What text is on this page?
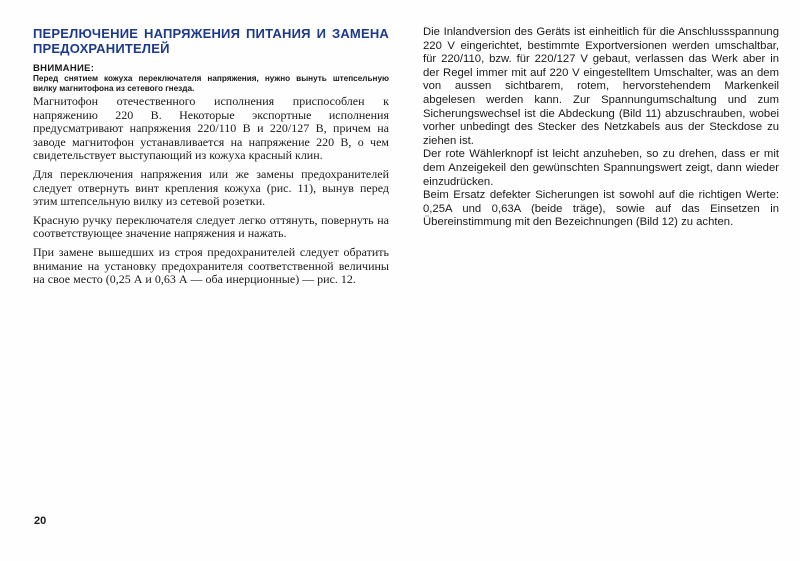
ПЕРЕЛЮЧЕНИЕ НАПРЯЖЕНИЯ ПИТАНИЯ И ЗАМЕНА ПРЕДОХРАНИТЕЛЕЙ
ВНИМАНИЕ:
Перед снятием кожуха переключателя напряжения, нужно вынуть штепсельную вилку магнитофона из сетевого гнезда.

Магнитофон отечественного исполнения приспособлен к напряжению 220 В. Некоторые экспортные исполнения предусматривают напряжения 220/110 В и 220/127 В, причем на заводе магнитофон устанавливается на напряжение 220 В, о чем свидетельствует выступающий из кожуха красный клин.

Для переключения напряжения или же замены предохранителей следует отвернуть винт крепления кожуха (рис. 11), вынув перед этим штепсельную вилку из сетевой розетки.

Красную ручку переключателя следует легко оттянуть, повернуть на соответствующее значение напряжения и нажать.

При замене вышедших из строя предохранителей следует обратить внимание на установку предохранителя соответственной величины на свое место (0,25 А и 0,63 А — оба инерционные) — рис. 12.

Die Inlandversion des Geräts ist einheitlich für die Anschlussspannung 220 V eingerichtet, bestimmte Exportversionen werden umschaltbar, für 220/110, bzw. für 220/127 V gebaut, verlassen das Werk aber in der Regel immer mit auf 220 V eingestelltem Umschalter, was an dem von aussen sichtbarem, rotem, hervorstehendem Markenkeil abgelesen werden kann. Zur Spannungumschaltung und zum Sicherungswechsel ist die Abdeckung (Bild 11) abzuschrauben, wobei vorher unbedingt des Stecker des Netzkabels aus der Steckdose zu ziehen ist.

Der rote Wählerknopf ist leicht anzuheben, so zu drehen, dass er mit dem Anzeigekeil den gewünschten Spannungswert zeigt, dann wieder einzudrücken.

Beim Ersatz defekter Sicherungen ist sowohl auf die richtigen Werte: 0,25A und 0,63A (beide träge), sowie auf das Einsetzen in Übereinstimmung mit den Bezeichnungen (Bild 12) zu achten.

20
